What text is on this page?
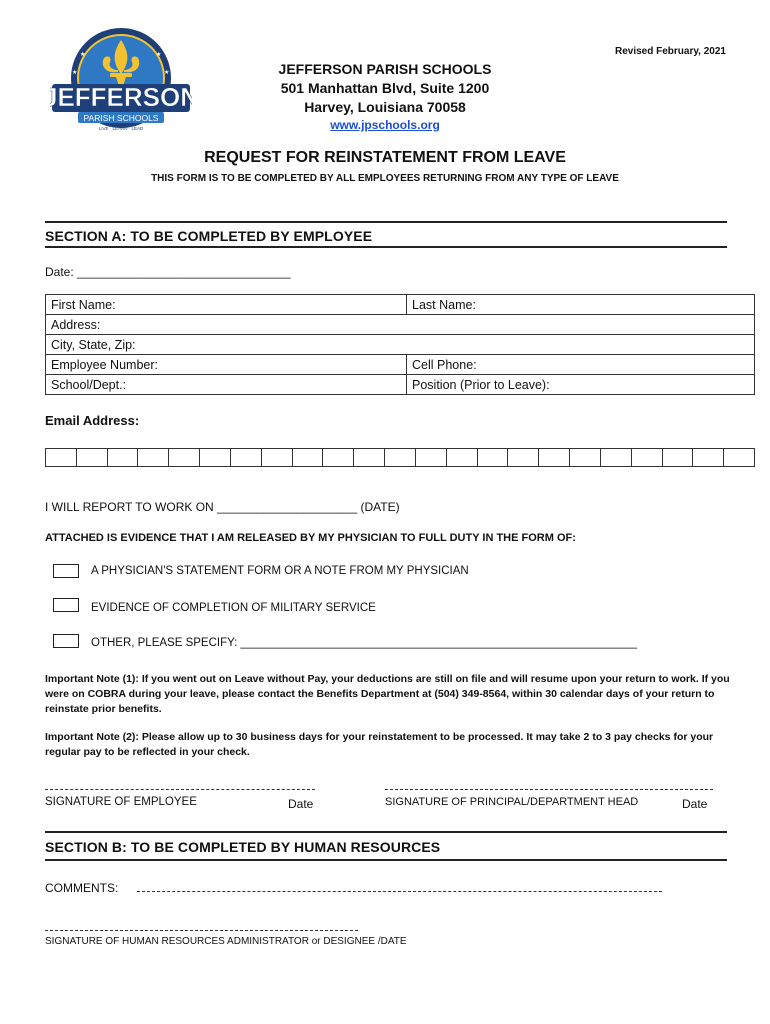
★	★
★	★
JEFFERSON
PARISH SCHOOLS
LIVE · LEARN · LEAD
Revised February, 2021
JEFFERSON PARISH SCHOOLS
501 Manhattan Blvd, Suite 1200
Harvey, Louisiana 70058
www.jpschools.org
REQUEST FOR REINSTATEMENT FROM LEAVE
THIS FORM IS TO BE COMPLETED BY ALL EMPLOYEES RETURNING FROM ANY TYPE OF LEAVE
SECTION A: TO BE COMPLETED BY EMPLOYEE
Date: ________________________________
First Name:	Last Name:
Address:	
City, State, Zip:	
Employee Number:	Cell Phone:
School/Dept.:	Position (Prior to Leave):
Email Address:
I WILL REPORT TO WORK ON _____________________ (DATE)
ATTACHED IS EVIDENCE THAT I AM RELEASED BY MY PHYSICIAN TO FULL DUTY IN THE FORM OF:
A PHYSICIAN'S STATEMENT FORM OR A NOTE FROM MY PHYSICIAN
EVIDENCE OF COMPLETION OF MILITARY SERVICE
OTHER, PLEASE SPECIFY: ______________________________________________________________
Important Note (1): If you went out on Leave without Pay, your deductions are still on file and will resume upon your return to work. If you were on COBRA during your leave, please contact the Benefits Department at (504) 349-8564, within 30 calendar days of your return to reinstate prior benefits.
Important Note (2): Please allow up to 30 business days for your reinstatement to be processed. It may take 2 to 3 pay checks for your regular pay to be reflected in your check.
SIGNATURE OF EMPLOYEE	Date	SIGNATURE OF PRINCIPAL/DEPARTMENT HEAD	Date
SECTION B: TO BE COMPLETED BY HUMAN RESOURCES
COMMENTS:
SIGNATURE OF HUMAN RESOURCES ADMINISTRATOR or DESIGNEE /DATE
